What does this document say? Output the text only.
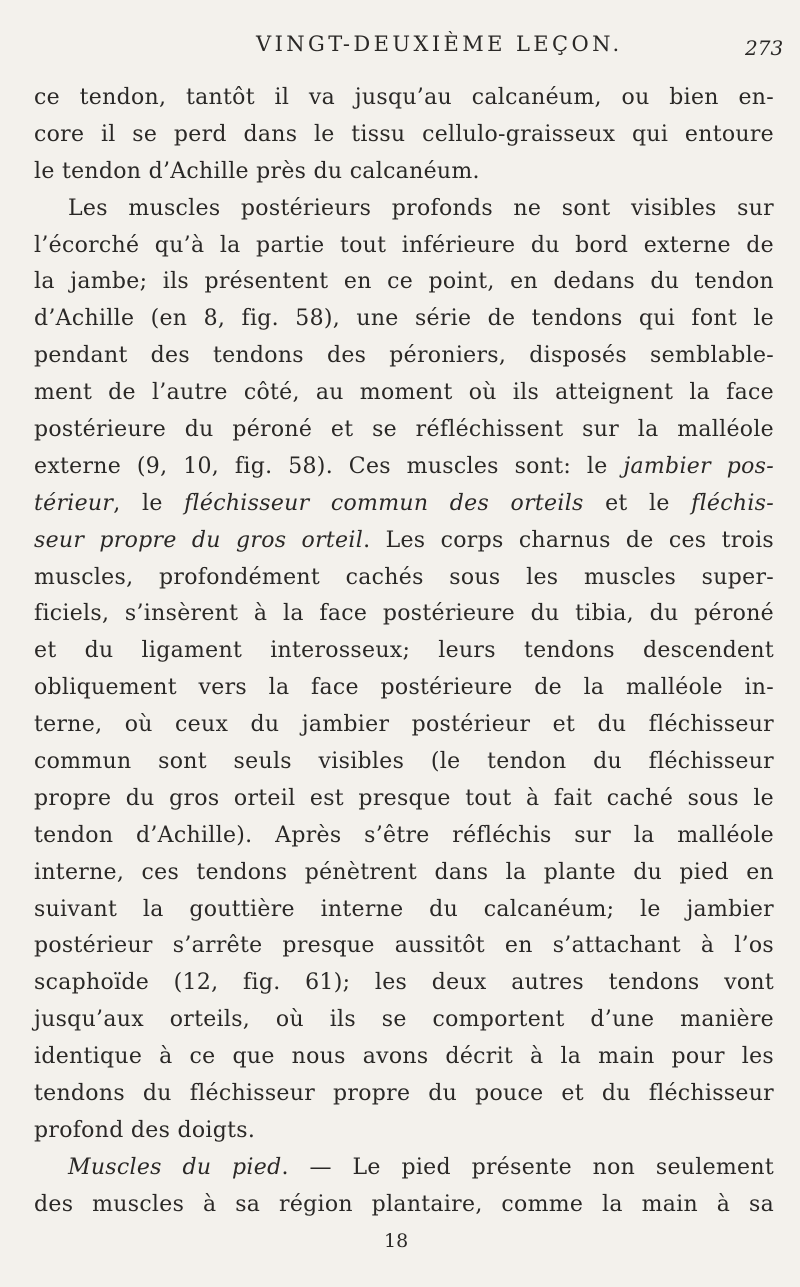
VINGT-DEUXIÈME LEÇON.	273
ce tendon, tantôt il va jusqu’au calcanéum, ou bien en-
core il se perd dans le tissu cellulo-graisseux qui entoure
le tendon d’Achille près du calcanéum.
Les muscles postérieurs profonds ne sont visibles sur
l’écorché qu’à la partie tout inférieure du bord externe de
la jambe; ils présentent en ce point, en dedans du tendon
d’Achille (en 8, fig. 58), une série de tendons qui font le
pendant des tendons des péroniers, disposés semblable-
ment de l’autre côté, au moment où ils atteignent la face
postérieure du péroné et se réfléchissent sur la malléole
externe (9, 10, fig. 58). Ces muscles sont: le jambier pos-
térieur, le fléchisseur commun des orteils et le fléchis-
seur propre du gros orteil. Les corps charnus de ces trois
muscles, profondément cachés sous les muscles super-
ficiels, s’insèrent à la face postérieure du tibia, du péroné
et du ligament interosseux; leurs tendons descendent
obliquement vers la face postérieure de la malléole in-
terne, où ceux du jambier postérieur et du fléchisseur
commun sont seuls visibles (le tendon du fléchisseur
propre du gros orteil est presque tout à fait caché sous le
tendon d’Achille). Après s’être réfléchis sur la malléole
interne, ces tendons pénètrent dans la plante du pied en
suivant la gouttière interne du calcanéum; le jambier
postérieur s’arrête presque aussitôt en s’attachant à l’os
scaphoïde (12, fig. 61); les deux autres tendons vont
jusqu’aux orteils, où ils se comportent d’une manière
identique à ce que nous avons décrit à la main pour les
tendons du fléchisseur propre du pouce et du fléchisseur
profond des doigts.
Muscles du pied. — Le pied présente non seulement
des muscles à sa région plantaire, comme la main à sa
18
